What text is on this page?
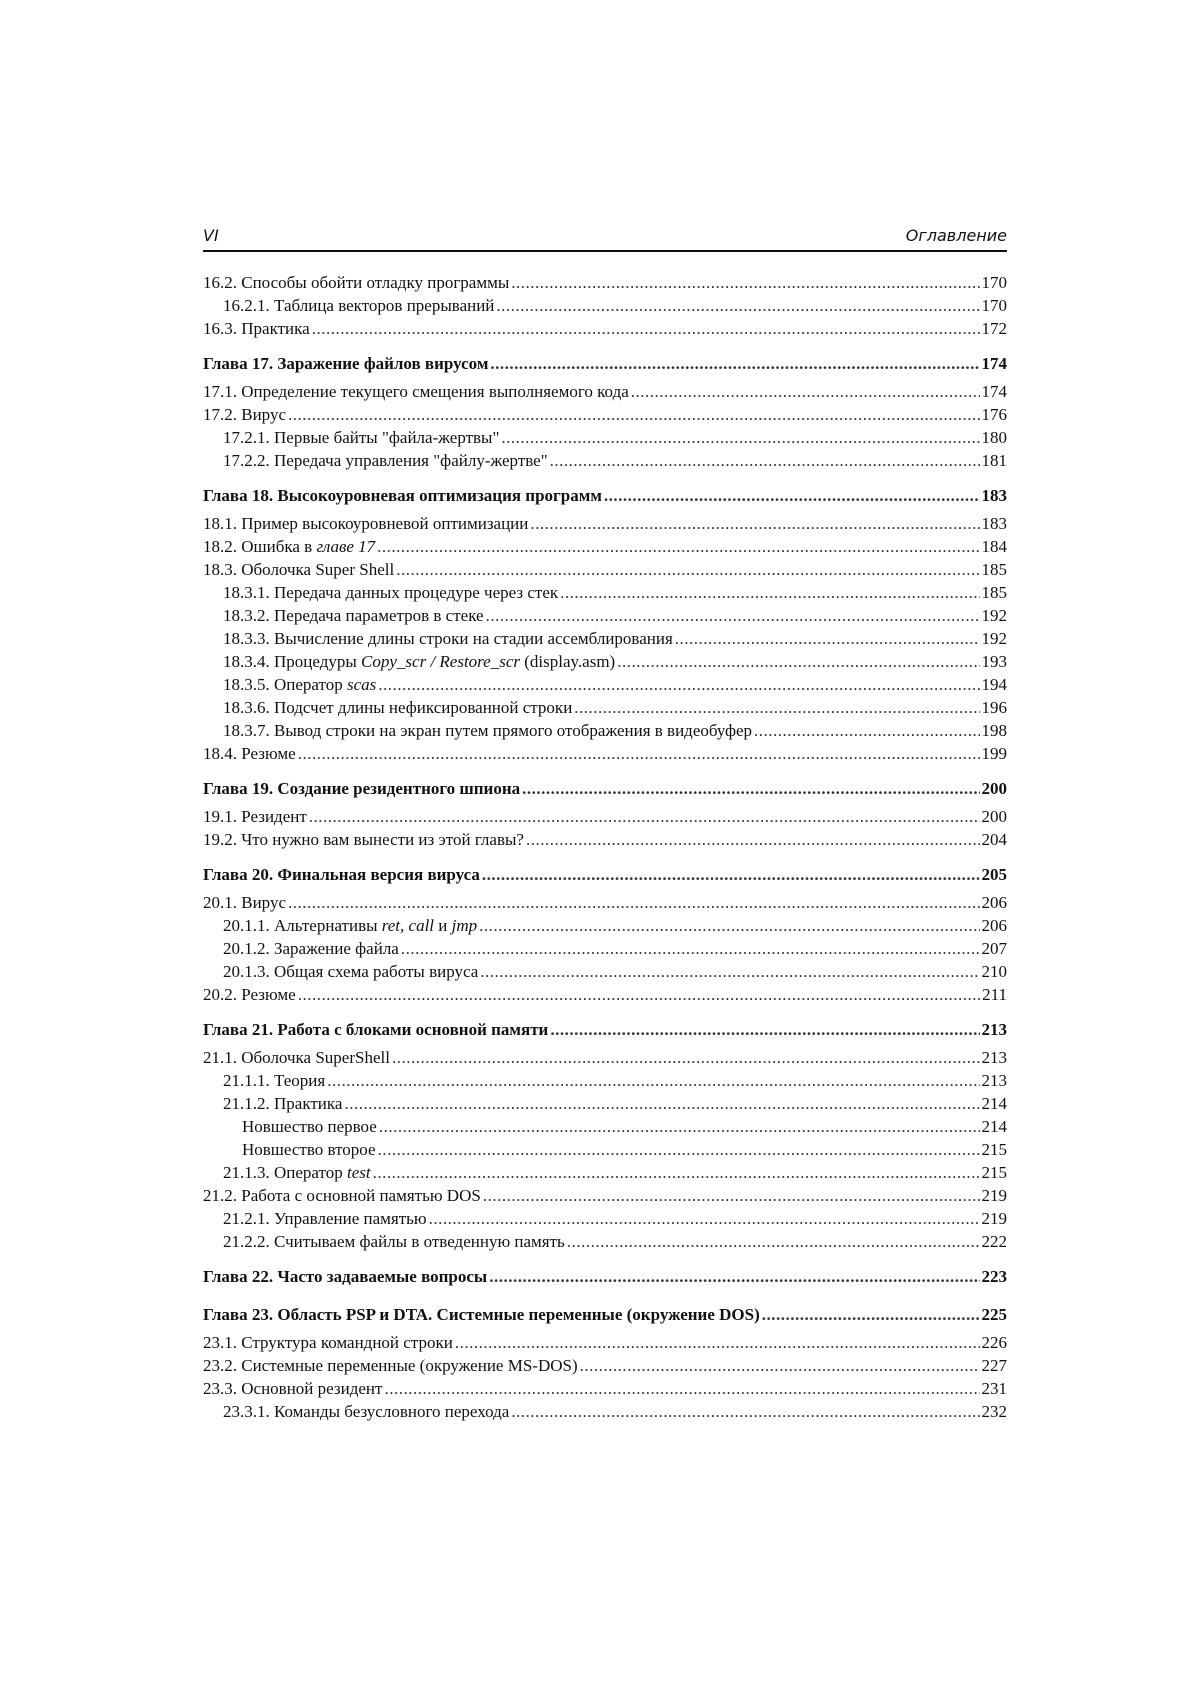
VI	Оглавление
16.2. Способы обойти отладку программы .....	170
16.2.1. Таблица векторов прерываний .....	170
16.3. Практика .....	172
Глава 17. Заражение файлов вирусом .....	174
17.1. Определение текущего смещения выполняемого кода .....	174
17.2. Вирус .....	176
17.2.1. Первые байты "файла-жертвы" .....	180
17.2.2. Передача управления "файлу-жертве" .....	181
Глава 18. Высокоуровневая оптимизация программ .....	183
18.1. Пример высокоуровневой оптимизации .....	183
18.2. Ошибка в главе 17 .....	184
18.3. Оболочка Super Shell .....	185
18.3.1. Передача данных процедуре через стек .....	185
18.3.2. Передача параметров в стеке .....	192
18.3.3. Вычисление длины строки на стадии ассемблирования .....	192
18.3.4. Процедуры Copy_scr / Restore_scr (display.asm) .....	193
18.3.5. Оператор scas .....	194
18.3.6. Подсчет длины нефиксированной строки .....	196
18.3.7. Вывод строки на экран путем прямого отображения в видеобуфер .....	198
18.4. Резюме .....	199
Глава 19. Создание резидентного шпиона .....	200
19.1. Резидент .....	200
19.2. Что нужно вам вынести из этой главы? .....	204
Глава 20. Финальная версия вируса .....	205
20.1. Вирус .....	206
20.1.1. Альтернативы ret, call и jmp .....	206
20.1.2. Заражение файла .....	207
20.1.3. Общая схема работы вируса .....	210
20.2. Резюме .....	211
Глава 21. Работа с блоками основной памяти .....	213
21.1. Оболочка SuperShell .....	213
21.1.1. Теория .....	213
21.1.2. Практика .....	214
Новшество первое .....	214
Новшество второе .....	215
21.1.3. Оператор test .....	215
21.2. Работа с основной памятью DOS .....	219
21.2.1. Управление памятью .....	219
21.2.2. Считываем файлы в отведенную память .....	222
Глава 22. Часто задаваемые вопросы .....	223
Глава 23. Область PSP и DTA. Системные переменные (окружение DOS) .....	225
23.1. Структура командной строки .....	226
23.2. Системные переменные (окружение MS-DOS) .....	227
23.3. Основной резидент .....	231
23.3.1. Команды безусловного перехода .....	232
